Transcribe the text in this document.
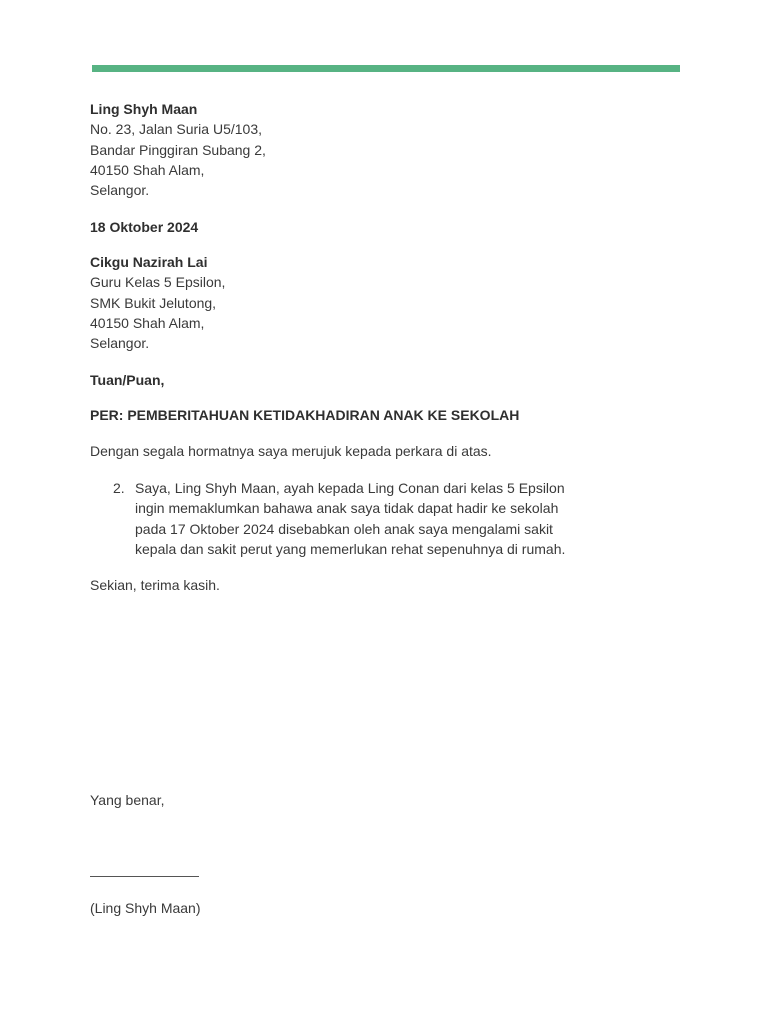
Ling Shyh Maan
No. 23, Jalan Suria U5/103,
Bandar Pinggiran Subang 2,
40150 Shah Alam,
Selangor.
18 Oktober 2024
Cikgu Nazirah Lai
Guru Kelas 5 Epsilon,
SMK Bukit Jelutong,
40150 Shah Alam,
Selangor.
Tuan/Puan,
PER: PEMBERITAHUAN KETIDAKHADIRAN ANAK KE SEKOLAH
Dengan segala hormatnya saya merujuk kepada perkara di atas.
2. Saya, Ling Shyh Maan, ayah kepada Ling Conan dari kelas 5 Epsilon
ingin memaklumkan bahawa anak saya tidak dapat hadir ke sekolah
pada 17 Oktober 2024 disebabkan oleh anak saya mengalami sakit
kepala dan sakit perut yang memerlukan rehat sepenuhnya di rumah.
Sekian, terima kasih.
Yang benar,
(Ling Shyh Maan)
